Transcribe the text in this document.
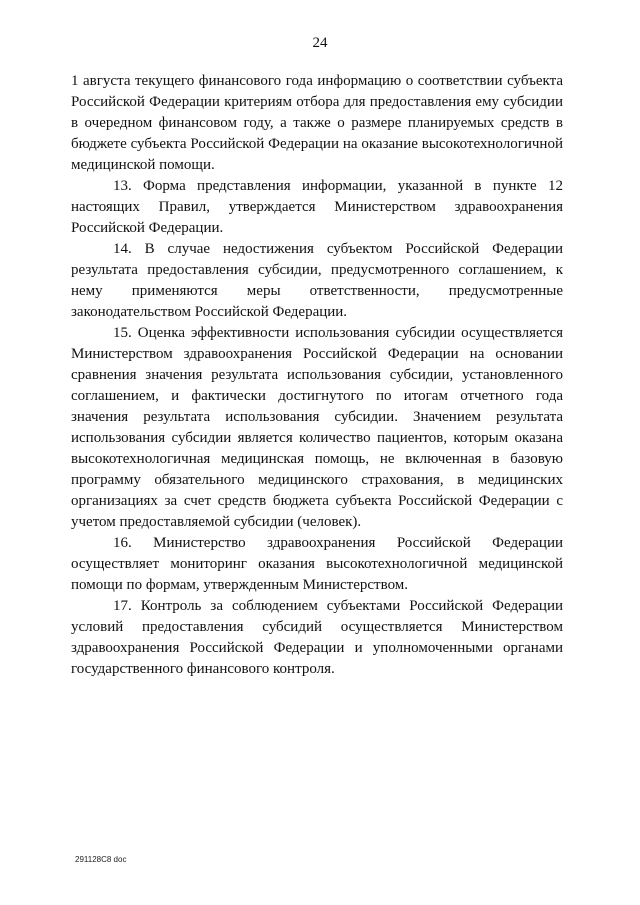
24

1 августа текущего финансового года информацию о соответствии субъекта Российской Федерации критериям отбора для предоставления ему субсидии в очередном финансовом году, а также о размере планируемых средств в бюджете субъекта Российской Федерации на оказание высокотехнологичной медицинской помощи.

13. Форма представления информации, указанной в пункте 12 настоящих Правил, утверждается Министерством здравоохранения Российской Федерации.

14. В случае недостижения субъектом Российской Федерации результата предоставления субсидии, предусмотренного соглашением, к нему применяются меры ответственности, предусмотренные законодательством Российской Федерации.

15. Оценка эффективности использования субсидии осуществляется Министерством здравоохранения Российской Федерации на основании сравнения значения результата использования субсидии, установленного соглашением, и фактически достигнутого по итогам отчетного года значения результата использования субсидии. Значением результата использования субсидии является количество пациентов, которым оказана высокотехнологичная медицинская помощь, не включенная в базовую программу обязательного медицинского страхования, в медицинских организациях за счет средств бюджета субъекта Российской Федерации с учетом предоставляемой субсидии (человек).

16. Министерство здравоохранения Российской Федерации осуществляет мониторинг оказания высокотехнологичной медицинской помощи по формам, утвержденным Министерством.

17. Контроль за соблюдением субъектами Российской Федерации условий предоставления субсидий осуществляется Министерством здравоохранения Российской Федерации и уполномоченными органами государственного финансового контроля.

291128C8 doc
